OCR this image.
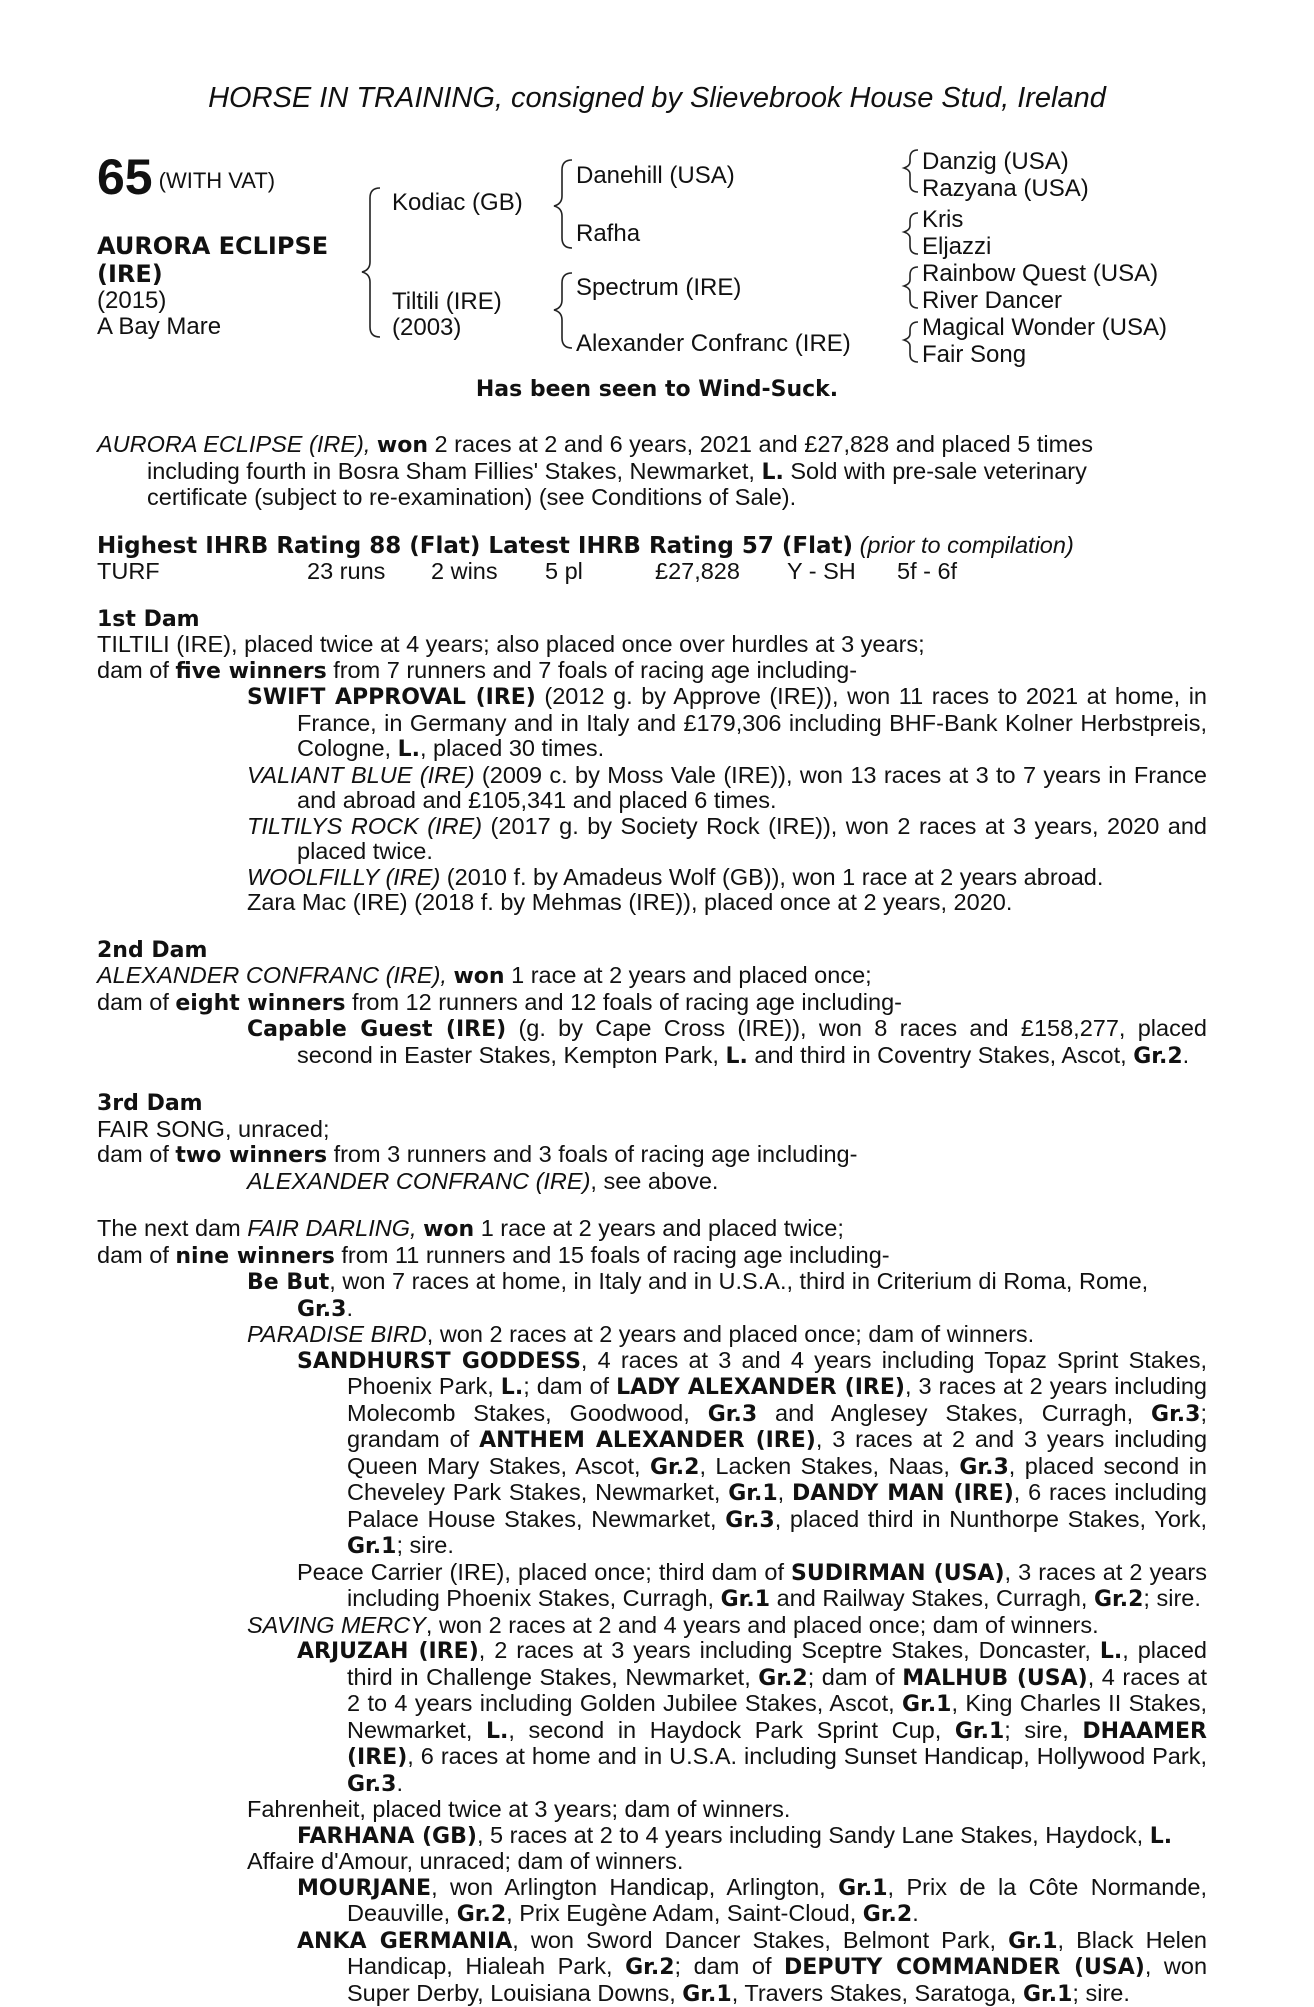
HORSE IN TRAINING, consigned by Slievebrook House Stud, Ireland
65 (WITH VAT)
AURORA ECLIPSE
(IRE)
(2015)
A Bay Mare
Kodiac (GB)
Tiltili (IRE)
(2003)
Danehill (USA)
Rafha
Spectrum (IRE)
Alexander Confranc (IRE)
Danzig (USA)
Razyana (USA)
Kris
Eljazzi
Rainbow Quest (USA)
River Dancer
Magical Wonder (USA)
Fair Song
Has been seen to Wind-Suck.

AURORA ECLIPSE (IRE), won 2 races at 2 and 6 years, 2021 and £27,828 and placed 5 times

including fourth in Bosra Sham Fillies' Stakes, Newmarket, L. Sold with pre-sale veterinary

certificate (subject to re-examination) (see Conditions of Sale).

Highest IHRB Rating 88 (Flat) Latest IHRB Rating 57 (Flat) (prior to compilation)

TURF	23 runs	2 wins	5 pl	£27,828	Y - SH	5f - 6f

1st Dam

TILTILI (IRE), placed twice at 4 years; also placed once over hurdles at 3 years;

dam of five winners from 7 runners and 7 foals of racing age including-

SWIFT APPROVAL (IRE) (2012 g. by Approve (IRE)), won 11 races to 2021 at home, in France, in Germany and in Italy and £179,306 including BHF-Bank Kolner Herbstpreis, Cologne, L., placed 30 times.

VALIANT BLUE (IRE) (2009 c. by Moss Vale (IRE)), won 13 races at 3 to 7 years in France and abroad and £105,341 and placed 6 times.

TILTILYS ROCK (IRE) (2017 g. by Society Rock (IRE)), won 2 races at 3 years, 2020 and placed twice.

WOOLFILLY (IRE) (2010 f. by Amadeus Wolf (GB)), won 1 race at 2 years abroad.

Zara Mac (IRE) (2018 f. by Mehmas (IRE)), placed once at 2 years, 2020.

2nd Dam

ALEXANDER CONFRANC (IRE), won 1 race at 2 years and placed once;

dam of eight winners from 12 runners and 12 foals of racing age including-

Capable Guest (IRE) (g. by Cape Cross (IRE)), won 8 races and £158,277, placed second in Easter Stakes, Kempton Park, L. and third in Coventry Stakes, Ascot, Gr.2.

3rd Dam

FAIR SONG, unraced;

dam of two winners from 3 runners and 3 foals of racing age including-

ALEXANDER CONFRANC (IRE), see above.

The next dam FAIR DARLING, won 1 race at 2 years and placed twice;

dam of nine winners from 11 runners and 15 foals of racing age including-

Be But, won 7 races at home, in Italy and in U.S.A., third in Criterium di Roma, Rome, Gr.3.

PARADISE BIRD, won 2 races at 2 years and placed once; dam of winners.

SANDHURST GODDESS, 4 races at 3 and 4 years including Topaz Sprint Stakes, Phoenix Park, L.; dam of LADY ALEXANDER (IRE), 3 races at 2 years including Molecomb Stakes, Goodwood, Gr.3 and Anglesey Stakes, Curragh, Gr.3; grandam of ANTHEM ALEXANDER (IRE), 3 races at 2 and 3 years including Queen Mary Stakes, Ascot, Gr.2, Lacken Stakes, Naas, Gr.3, placed second in Cheveley Park Stakes, Newmarket, Gr.1, DANDY MAN (IRE), 6 races including Palace House Stakes, Newmarket, Gr.3, placed third in Nunthorpe Stakes, York, Gr.1; sire.

Peace Carrier (IRE), placed once; third dam of SUDIRMAN (USA), 3 races at 2 years including Phoenix Stakes, Curragh, Gr.1 and Railway Stakes, Curragh, Gr.2; sire.

SAVING MERCY, won 2 races at 2 and 4 years and placed once; dam of winners.

ARJUZAH (IRE), 2 races at 3 years including Sceptre Stakes, Doncaster, L., placed third in Challenge Stakes, Newmarket, Gr.2; dam of MALHUB (USA), 4 races at 2 to 4 years including Golden Jubilee Stakes, Ascot, Gr.1, King Charles II Stakes, Newmarket, L., second in Haydock Park Sprint Cup, Gr.1; sire, DHAAMER (IRE), 6 races at home and in U.S.A. including Sunset Handicap, Hollywood Park, Gr.3.

Fahrenheit, placed twice at 3 years; dam of winners.

FARHANA (GB), 5 races at 2 to 4 years including Sandy Lane Stakes, Haydock, L.

Affaire d'Amour, unraced; dam of winners.

MOURJANE, won Arlington Handicap, Arlington, Gr.1, Prix de la Côte Normande, Deauville, Gr.2, Prix Eugène Adam, Saint-Cloud, Gr.2.

ANKA GERMANIA, won Sword Dancer Stakes, Belmont Park, Gr.1, Black Helen Handicap, Hialeah Park, Gr.2; dam of DEPUTY COMMANDER (USA), won Super Derby, Louisiana Downs, Gr.1, Travers Stakes, Saratoga, Gr.1; sire.
